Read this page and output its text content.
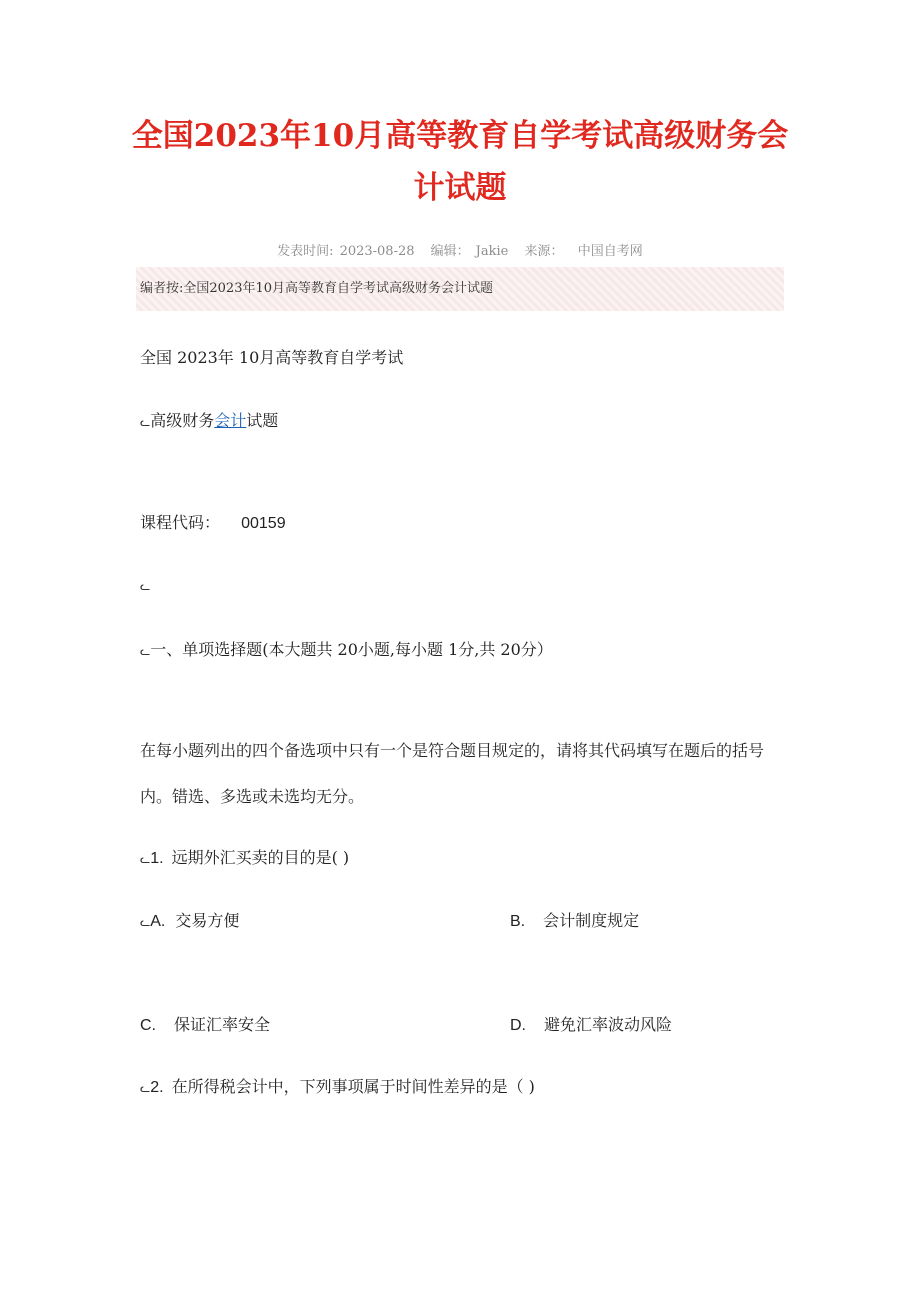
全国2023年10月高等教育自学考试高级财务会计试题
发表时间: 2023-08-28 编辑： Jakie 来源： 中国自考网
编者按:全国2023年10月高等教育自学考试高级财务会计试题
全国 2023年 10月高等教育自学考试
ᓚ高级财务会计试题
课程代码： 00159
ᓚ
ᓚ一、单项选择题(本大题共 20小题,每小题 1分,共 20分）
在每小题列出的四个备选项中只有一个是符合题目规定的，请将其代码填写在题后的括号内。错选、多选或未选均无分。
ᓚ1. 远期外汇买卖的目的是( )
ᓚA. 交易方便	B. 会计制度规定
C. 保证汇率安全	D. 避免汇率波动风险
ᓚ2. 在所得税会计中，下列事项属于时间性差异的是（ )
